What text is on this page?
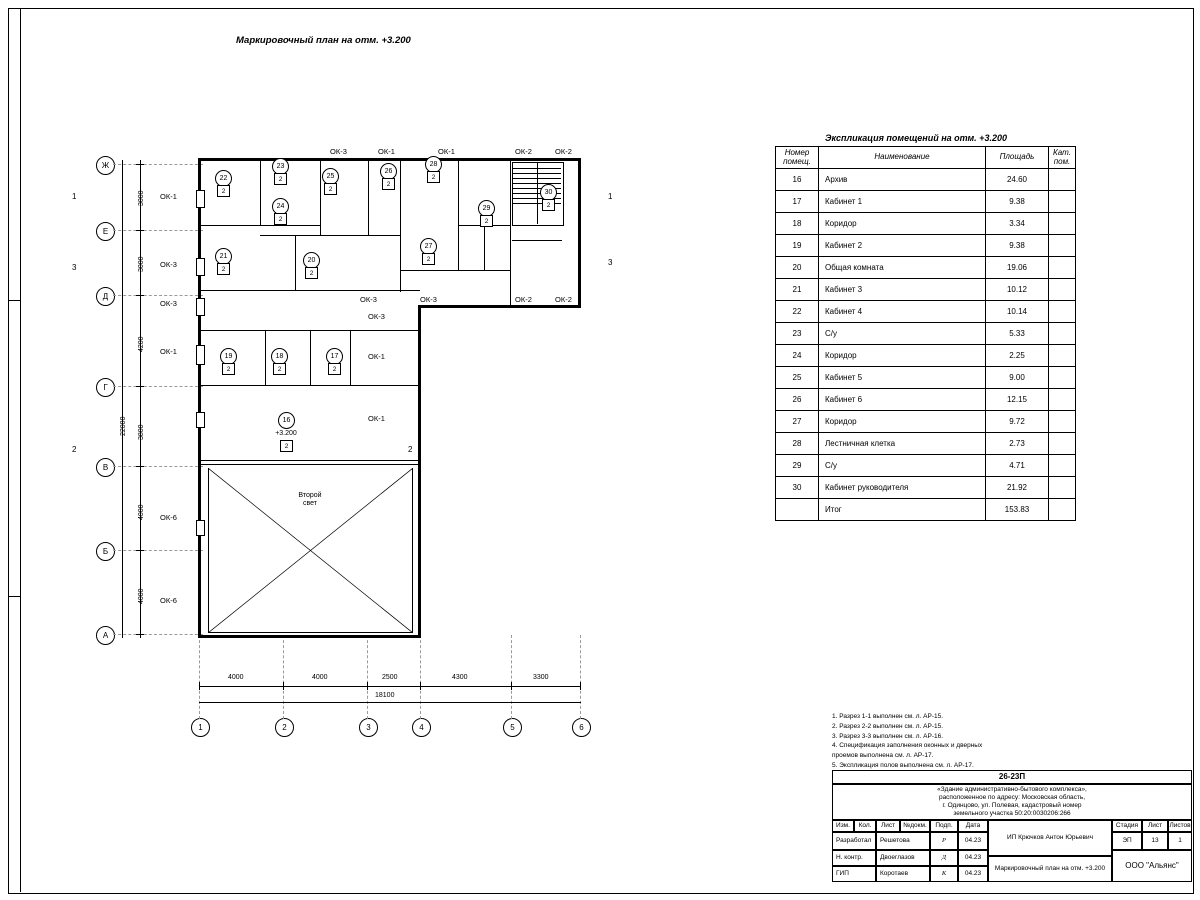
Маркировочный план на отм. +3.200
Экспликация помещений на отм. +3.200
Ж
Е
Д
Г
В
Б
А
1	2	3	4	5	6
3000
3000
4200
3800
4000
4000
22000
4000	4000	2500	4300	3300
18100
Второй
свет
ОК-1
ОК-3
ОК-3
ОК-1
ОК-6
ОК-6
ОК-3	ОК-1	ОК-1	ОК-2	ОК-2
ОК-3
ОК-1
ОК-1
ОК-3	ОК-3	ОК-2	ОК-2
22
2
23
2	25
2
26
2
28
2
24
2
29
2
30
2
21
2
20
2
27
2
19
2
18
2
17
2
16
+3.200
2
1	1
3
3
2	2
Номер помещ.	Наименование	Площадь	Кат. пом.
16	Архив	24.60	
17	Кабинет 1	9.38	
18	Коридор	3.34	
19	Кабинет 2	9.38	
20	Общая комната	19.06	
21	Кабинет 3	10.12	
22	Кабинет 4	10.14	
23	С/у	5.33	
24	Коридор	2.25	
25	Кабинет 5	9.00	
26	Кабинет 6	12.15	
27	Коридор	9.72	
28	Лестничная клетка	2.73	
29	С/у	4.71	
30	Кабинет руководителя	21.92	
	Итог	153.83	
1. Разрез 1-1 выполнен см. л. АР-15.
2. Разрез 2-2 выполнен см. л. АР-15.
3. Разрез 3-3 выполнен см. л. АР-16.
4. Спецификация заполнения оконных и дверных
проемов выполнена см. л. АР-17.
5. Экспликация полов выполнена см. л. АР-17.
26-23П
«Здание административно-бытового комплекса»,
расположенное по адресу: Московская область,
г. Одинцово, ул. Полевая, кадастровый номер
земельного участка 50:20:0030206:266
Изм.	Кол.	Лист	№докм.	Подп.	Дата
Разработал	Решетова	Р	04.23
Н. контр.	Двоеглазов	Д	04.23
ГИП	Коротаев	К	04.23
ИП Крючков Антон Юрьевич
Маркировочный план на отм. +3.200
Стадия	Лист	Листов
ЭП	13	1
ООО "Альянс"
